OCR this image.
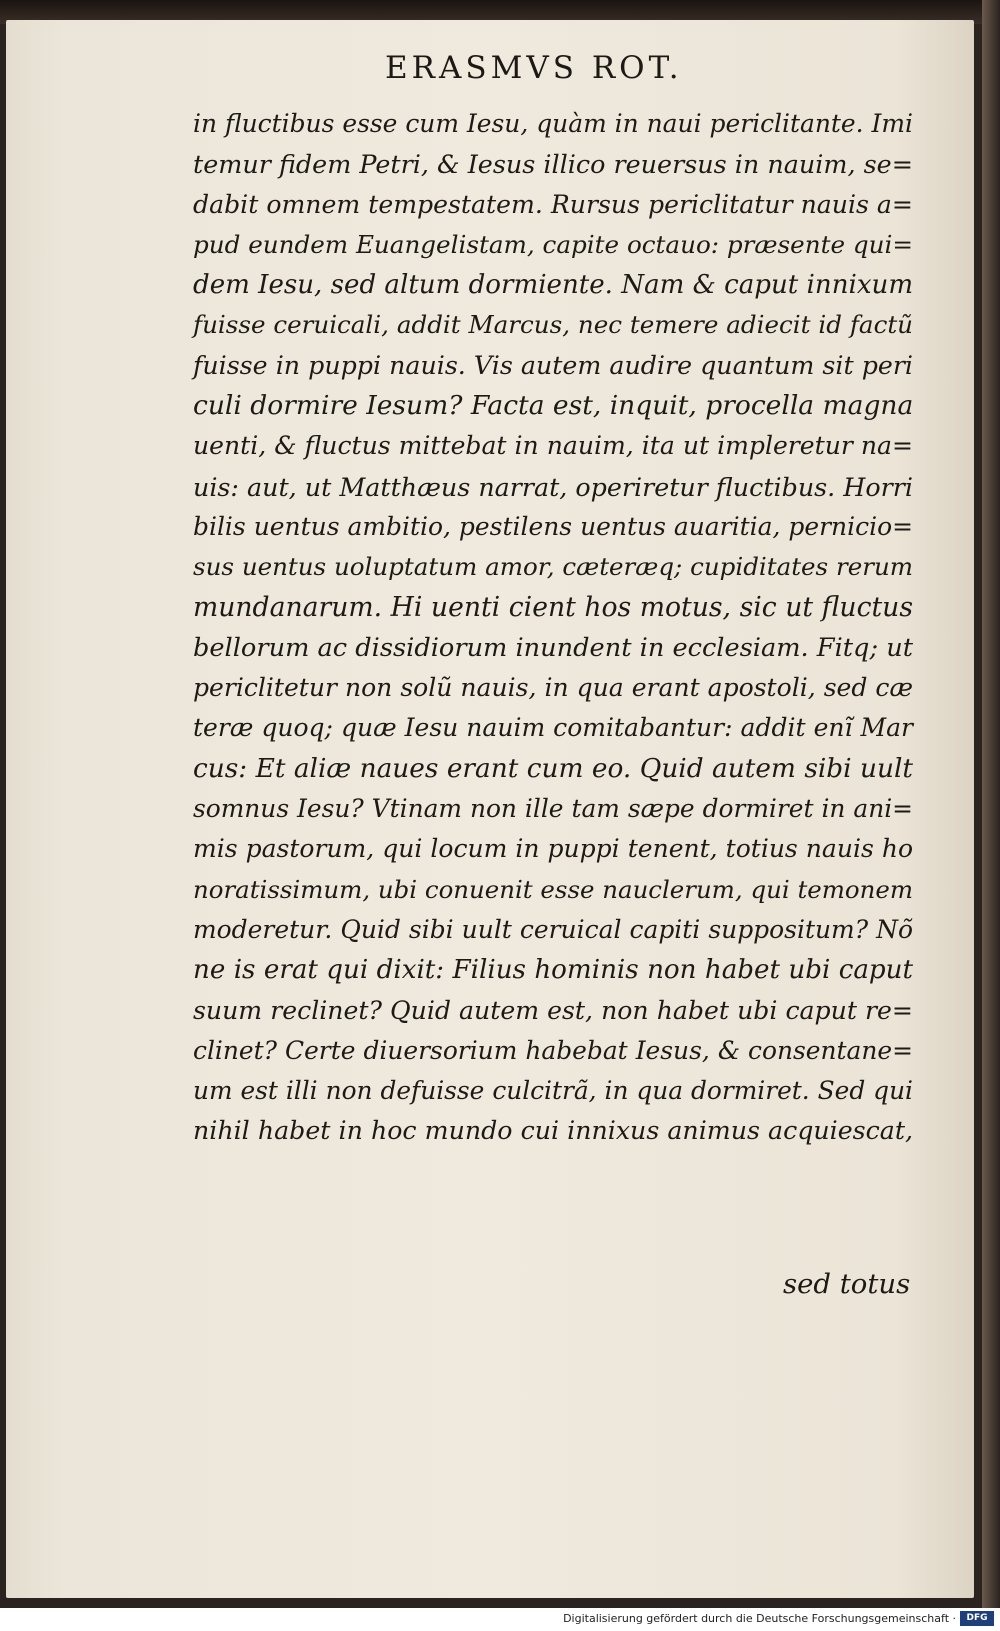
ERASMVS ROT.
in fluctibus esse cum Iesu, quàm in naui periclitante. Imi
temur fidem Petri, & Iesus illico reuersus in nauim, se=
dabit omnem tempestatem. Rursus periclitatur nauis a=
pud eundem Euangelistam, capite octauo: præsente qui=
dem Iesu, sed altum dormiente. Nam & caput innixum
fuisse ceruicali, addit Marcus, nec temere adiecit id factũ
fuisse in puppi nauis. Vis autem audire quantum sit peri
culi dormire Iesum? Facta est, inquit, procella magna
uenti, & fluctus mittebat in nauim, ita ut impleretur na=
uis: aut, ut Matthæus narrat, operiretur fluctibus. Horri
bilis uentus ambitio, pestilens uentus auaritia, pernicio=
sus uentus uoluptatum amor, cæteræq; cupiditates rerum
mundanarum. Hi uenti cient hos motus, sic ut fluctus
bellorum ac dissidiorum inundent in ecclesiam. Fitq; ut
periclitetur non solũ nauis, in qua erant apostoli, sed cæ
teræ quoq; quæ Iesu nauim comitabantur: addit enĩ Mar
cus: Et aliæ naues erant cum eo. Quid autem sibi uult
somnus Iesu? Vtinam non ille tam sæpe dormiret in ani=
mis pastorum, qui locum in puppi tenent, totius nauis ho
noratissimum, ubi conuenit esse nauclerum, qui temonem
moderetur. Quid sibi uult ceruical capiti suppositum? Nõ
ne is erat qui dixit: Filius hominis non habet ubi caput
suum reclinet? Quid autem est, non habet ubi caput re=
clinet? Certe diuersorium habebat Iesus, & consentane=
um est illi non defuisse culcitrã, in qua dormiret. Sed qui
nihil habet in hoc mundo cui innixus animus acquiescat,
sed totus
Digitalisierung gefördert durch die Deutsche Forschungsgemeinschaft ·	DFG
